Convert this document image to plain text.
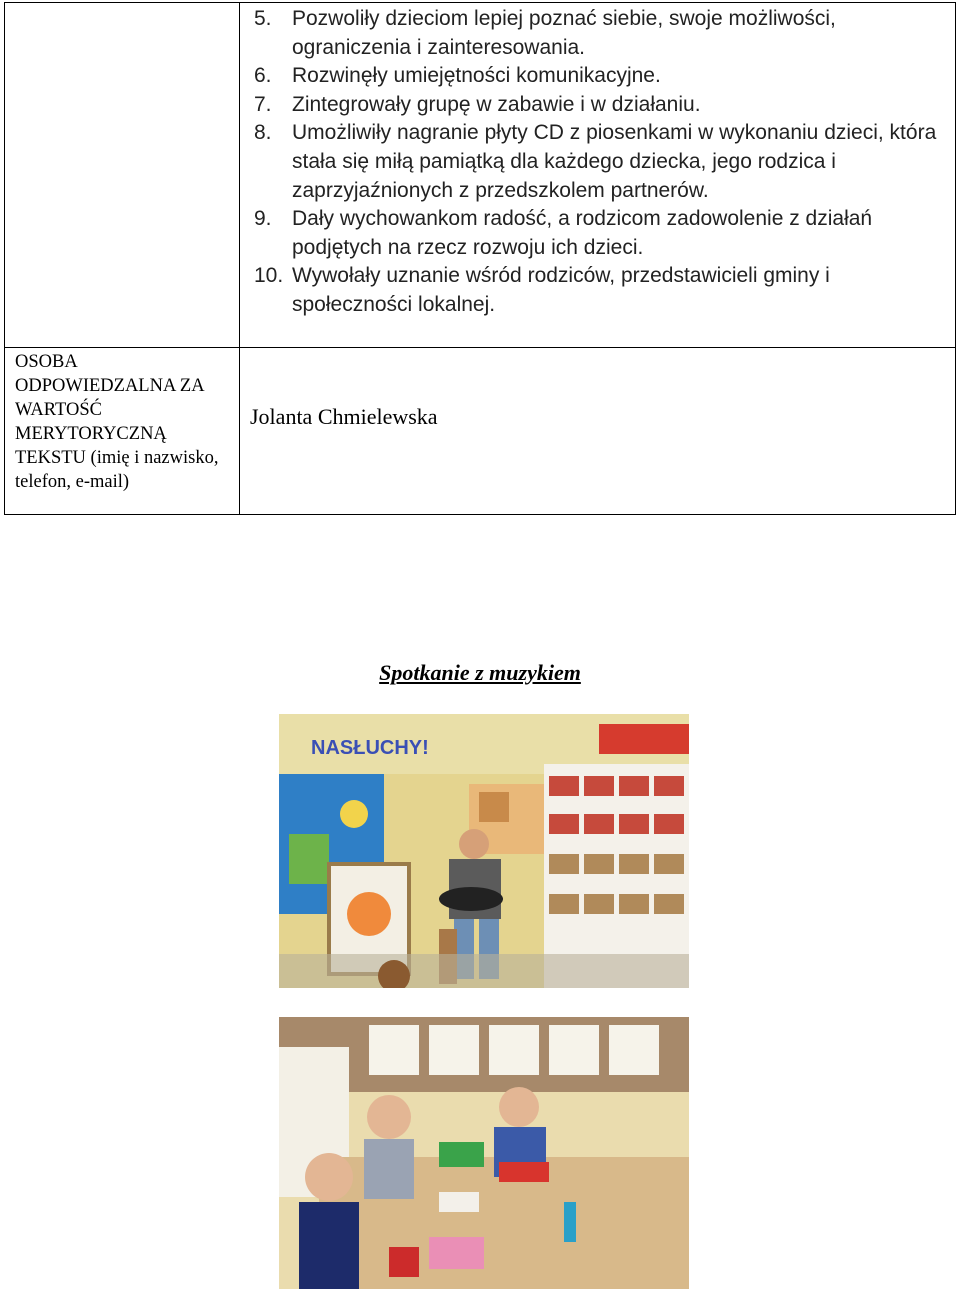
5. Pozwoliły dzieciom lepiej poznać siebie, swoje możliwości, ograniczenia i zainteresowania.
6. Rozwinęły umiejętności komunikacyjne.
7. Zintegrowały grupę w zabawie i w działaniu.
8. Umożliwiły nagranie płyty CD z piosenkami w wykonaniu dzieci, która stała się miłą pamiątką dla każdego dziecka, jego rodzica i zaprzyjaźnionych z przedszkolem partnerów.
9. Dały wychowankom radość, a rodzicom zadowolenie z działań podjętych na rzecz rozwoju ich dzieci.
10. Wywołały uznanie wśród rodziców, przedstawicieli gminy i społeczności lokalnej.
OSOBA ODPOWIEDZALNA ZA WARTOŚĆ MERYTORYCZNĄ TEKSTU (imię i nazwisko, telefon, e-mail)
Jolanta Chmielewska
Spotkanie z muzykiem
NASŁUCHY!
